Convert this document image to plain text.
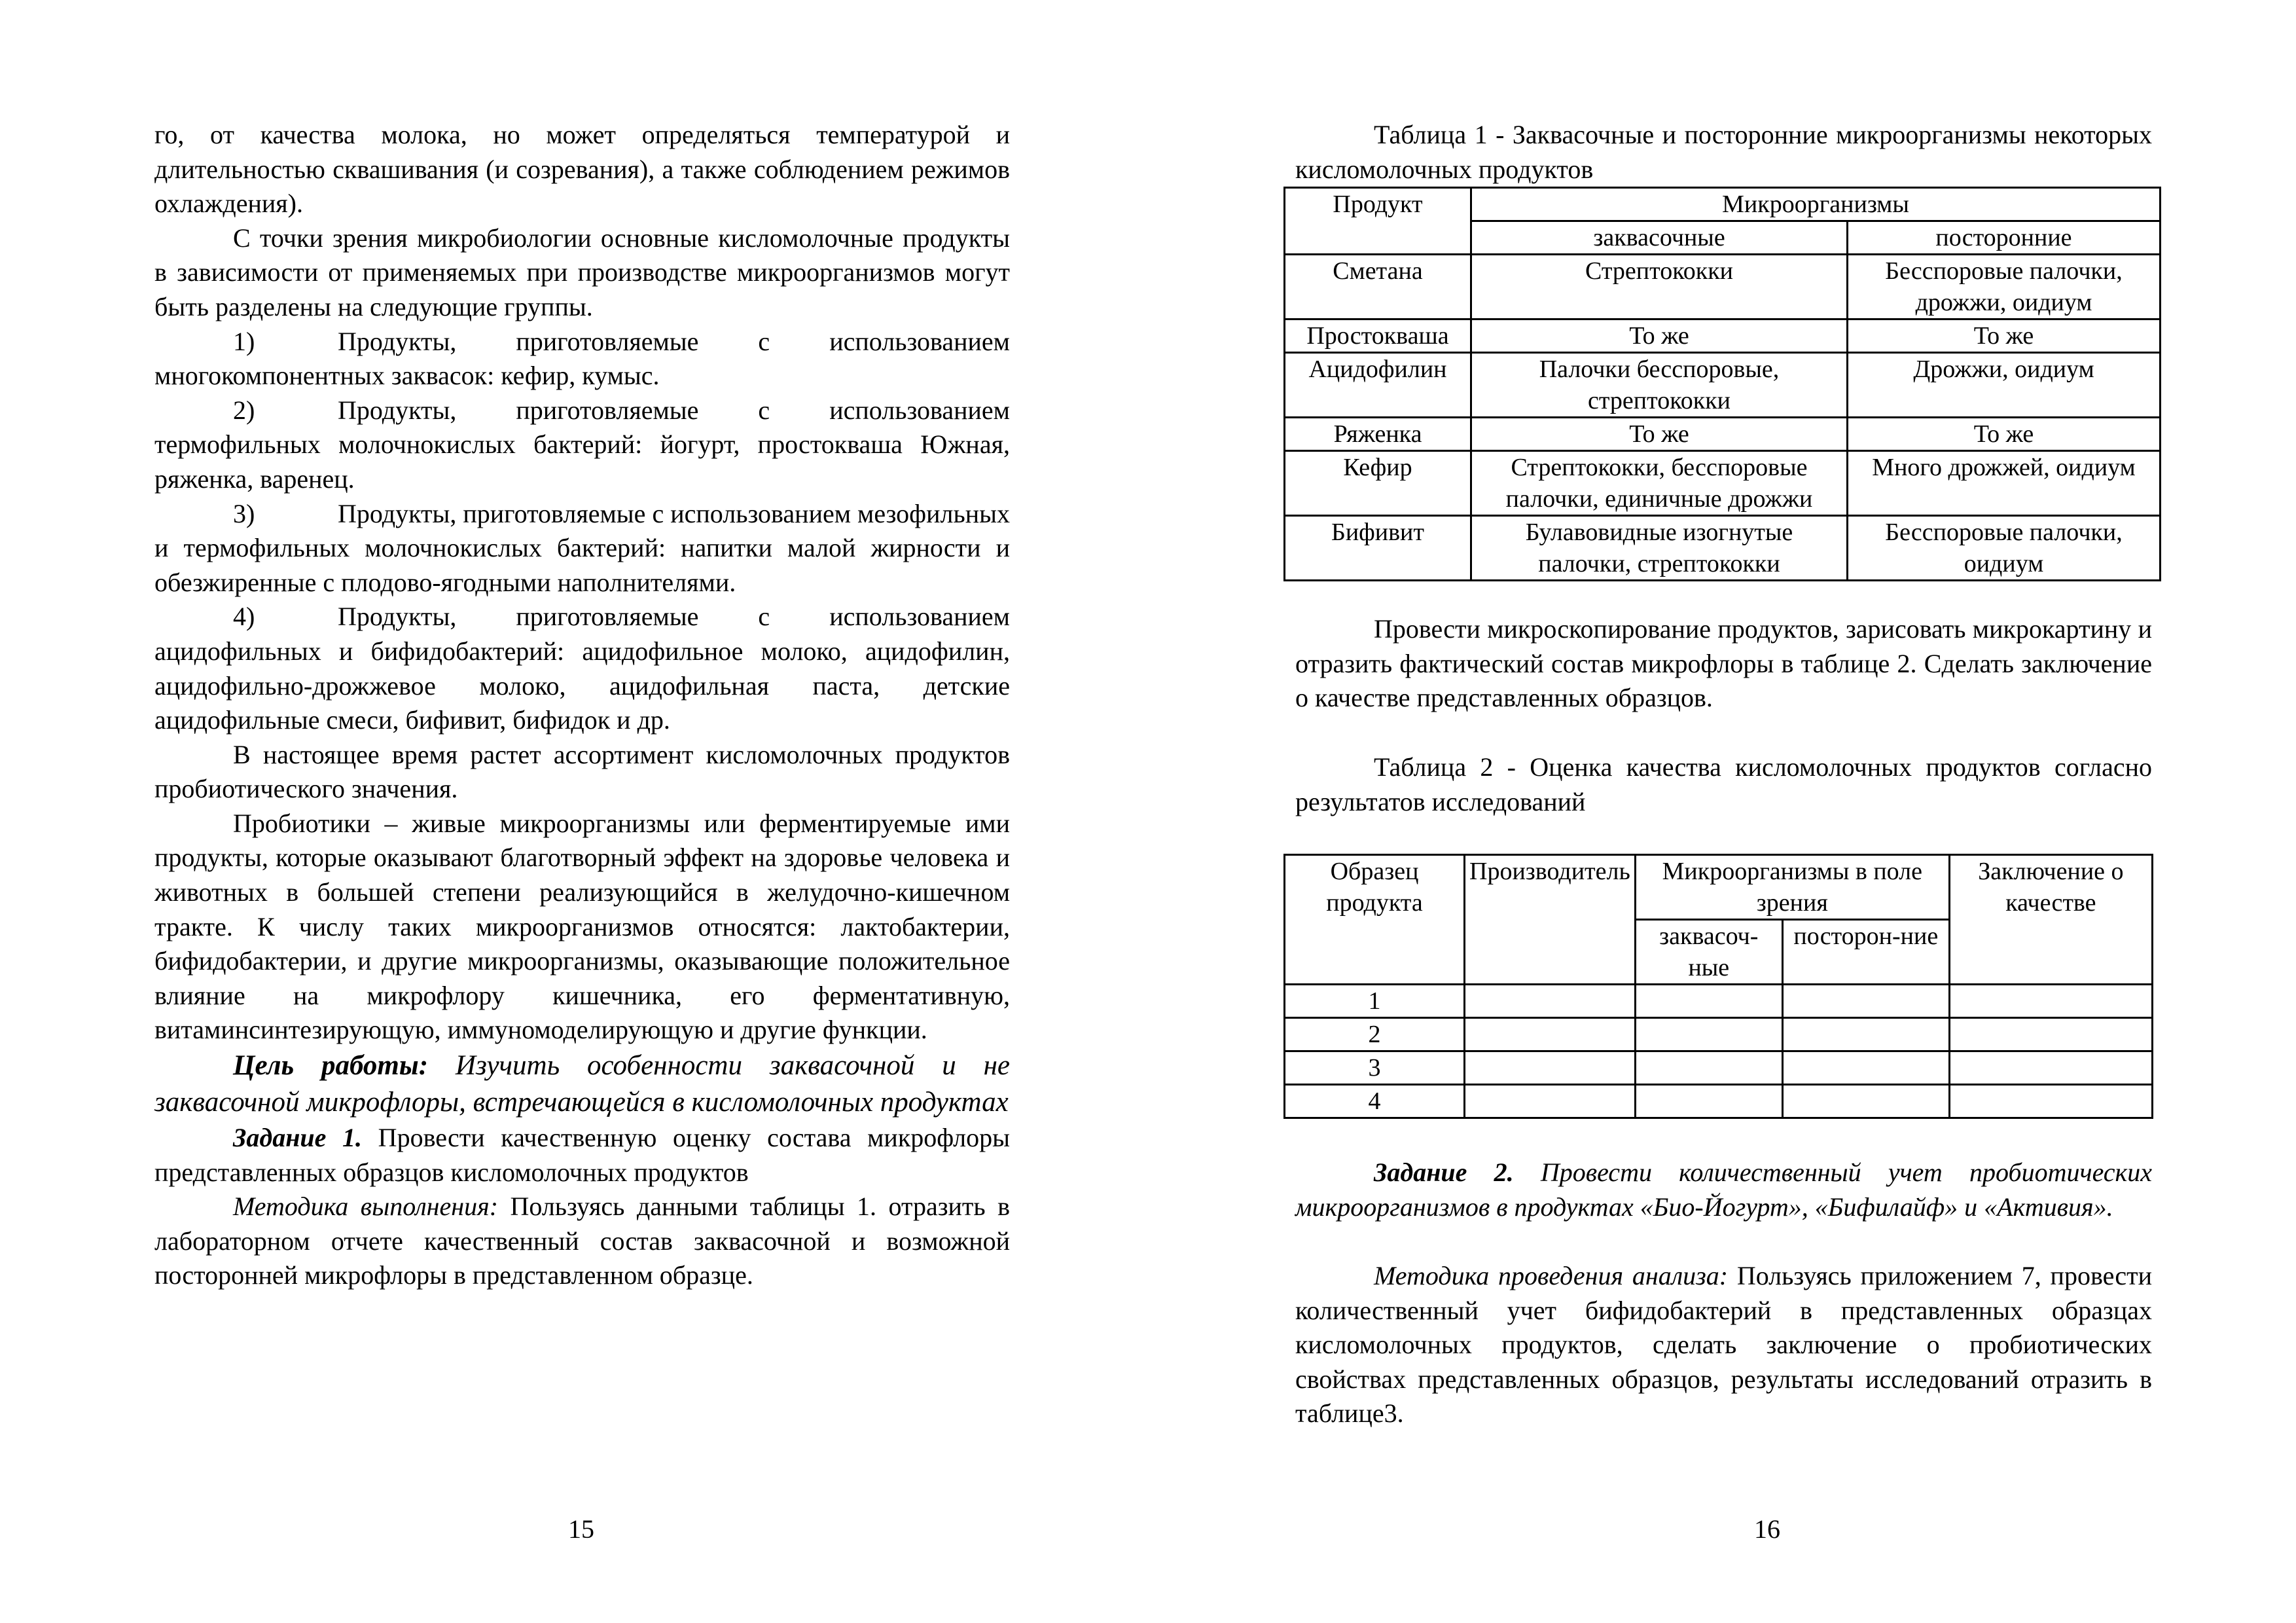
го, от качества молока, но может определяться температурой и длительностью сквашивания (и созревания), а также соблюдением режимов охлаждения).

С точки зрения микробиологии основные кисломолочные продукты в зависимости от применяемых при производстве микроорганизмов могут быть разделены на следующие группы.

1)	Продукты, приготовляемые с использованием многокомпонентных заквасок: кефир, кумыс.

2)	Продукты, приготовляемые с использованием термофильных молочнокислых бактерий: йогурт, простокваша Южная, ряженка, варенец.

3)	Продукты, приготовляемые с использованием мезофильных и термофильных молочнокислых бактерий: напитки малой жирности и обезжиренные с плодово-ягодными наполнителями.

4)	Продукты, приготовляемые с использованием ацидофильных и бифидобактерий: ацидофильное молоко, ацидофилин, ацидофильно-дрожжевое молоко, ацидофильная паста, детские ацидофильные смеси, бифивит, бифидок и др.

В настоящее время растет ассортимент кисломолочных продуктов пробиотического значения.

Пробиотики – живые микроорганизмы или ферментируемые ими продукты, которые оказывают благотворный эффект на здоровье человека и животных в большей степени реализующийся в желудочно-кишечном тракте. К числу таких микроорганизмов относятся: лактобактерии, бифидобактерии, и другие микроорганизмы, оказывающие положительное влияние на микрофлору кишечника, его ферментативную, витаминсинтезирующую, иммуномоделирующую и другие функции.

Цель работы: Изучить особенности заквасочной и не заквасочной микрофлоры, встречающейся в кисломолочных продуктах

Задание 1. Провести качественную оценку состава микрофлоры представленных образцов кисломолочных продуктов

Методика выполнения: Пользуясь данными таблицы 1. отразить в лабораторном отчете качественный состав заквасочной и возможной посторонней микрофлоры в представленном образце.

15
Таблица 1 - Заквасочные и посторонние микроорганизмы некоторых кисломолочных продуктов
Продукт	Микроорганизмы	
	заквасочные	посторонние
Сметана	Стрептококки	Бесспоровые палочки, дрожжи, оидиум
Простокваша	То же	То же
Ацидофилин	Палочки бесспоровые, стрептококки	Дрожжи, оидиум
Ряженка	То же	То же
Кефир	Стрептококки, бесспоровые палочки, единичные дрожжи	Много дрожжей, оидиум
Бифивит	Булавовидные изогнутые палочки, стрептококки	Бесспоровые палочки, оидиум
Провести микроскопирование продуктов, зарисовать микрокартину и отразить фактический состав микрофлоры в таблице 2. Сделать заключение о качестве представленных образцов.
Таблица 2 - Оценка качества кисломолочных продуктов согласно результатов исследований
Образец продукта	Производитель	Микроорганизмы в поле зрения		Заключение о качестве
		заквасоч-ные	посторон-ние	
1				
2				
3				
4				
Задание 2. Провести количественный учет пробиотических микроорганизмов в продуктах «Био-Йогурт», «Бифилайф» и «Активия».
Методика проведения анализа: Пользуясь приложением 7, провести количественный учет бифидобактерий в представленных образцах кисломолочных продуктов, сделать заключение о пробиотических свойствах представленных образцов, результаты исследований отразить в таблице3.
16
